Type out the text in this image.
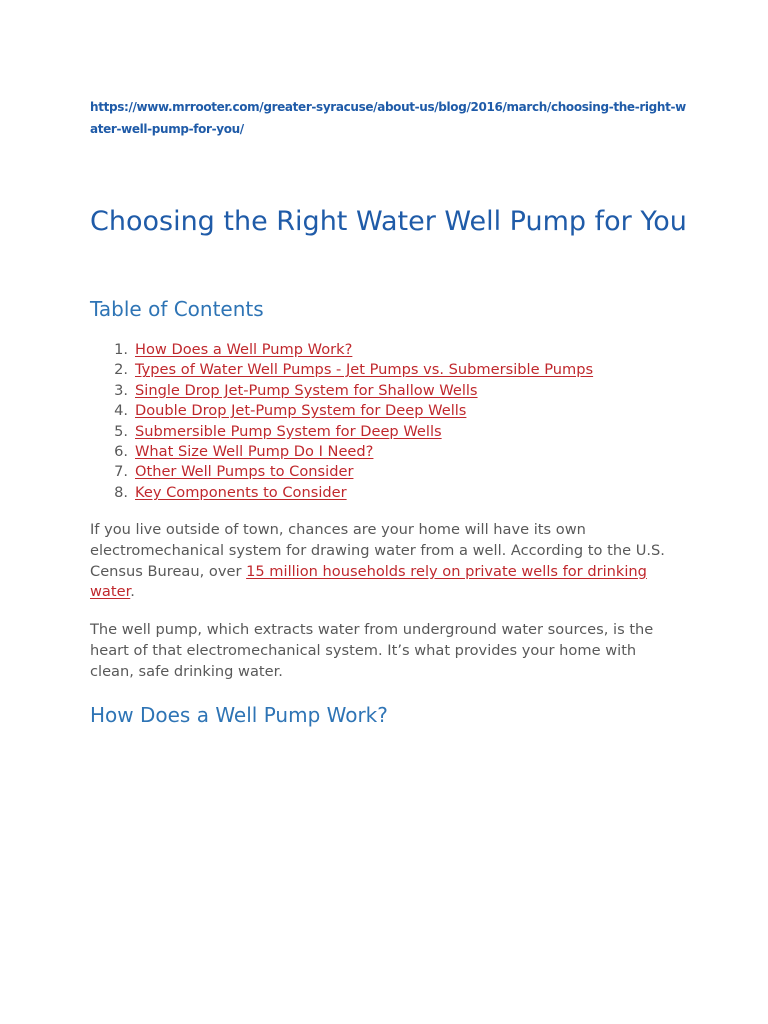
https://www.mrrooter.com/greater-syracuse/about-us/blog/2016/march/choosing-the-right-water-well-pump-for-you/
Choosing the Right Water Well Pump for You
Table of Contents
1. How Does a Well Pump Work?
2. Types of Water Well Pumps - Jet Pumps vs. Submersible Pumps
3. Single Drop Jet-Pump System for Shallow Wells
4. Double Drop Jet-Pump System for Deep Wells
5. Submersible Pump System for Deep Wells
6. What Size Well Pump Do I Need?
7. Other Well Pumps to Consider
8. Key Components to Consider

If you live outside of town, chances are your home will have its own electromechanical system for drawing water from a well. According to the U.S. Census Bureau, over 15 million households rely on private wells for drinking water.

The well pump, which extracts water from underground water sources, is the heart of that electromechanical system. It’s what provides your home with clean, safe drinking water.

How Does a Well Pump Work?
